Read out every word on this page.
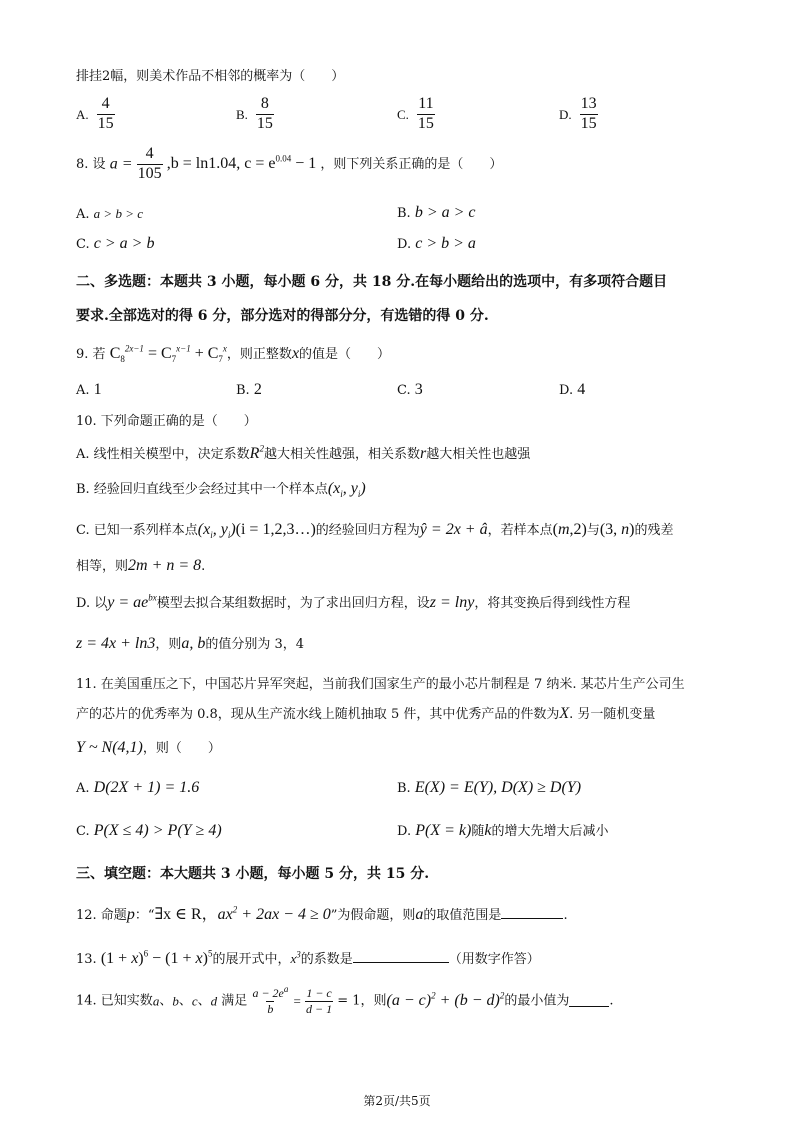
排挂2幅，则美术作品不相邻的概率为（　　）
A. $\frac{4}{15}$	B. $\frac{8}{15}$	C. $\frac{11}{15}$	D. $\frac{13}{15}$
8. 设 $a = \frac{4}{105} ,b = \ln 1.04$, $c = e^{0.04} - 1$ ，则下列关系正确的是（　　）
A. a > b > c	B. b > a > c
C. c > a > b	D. c > b > a
二、多选题：本题共 3 小题，每小题 6 分，共 18 分.在每小题给出的选项中，有多项符合题目
要求.全部选对的得 6 分，部分选对的得部分分，有选错的得 0 分.
9. 若 $C_8^{2x-1} = C_7^{x-1} + C_7^x$，则正整数x的值是（　　）
A. 1	B. 2	C. 3	D. 4
10. 下列命题正确的是（　　）
A. 线性相关模型中，决定系数$R^2$越大相关性越强，相关系数r越大相关性也越强
B. 经验回归直线至少会经过其中一个样本点($x_i$, $y_i$)
C. 已知一系列样本点($x_i$, $y_i)(i$ = 1,2,3…)的经验回归方程为ŷ = 2x + â，若样本点(m,2)与(3, n)的残差
相等，则2m + n = 8.
D. 以$y = ae^{bx}$模型去拟合某组数据时，为了求出回归方程，设z = lny，将其变换后得到线性方程
z = 4x + ln3，则a, b的值分别为 3，4
11. 在美国重压之下，中国芯片异军突起，当前我们国家生产的最小芯片制程是 7 纳米. 某芯片生产公司生
产的芯片的优秀率为 0.8，现从生产流水线上随机抽取 5 件，其中优秀产品的件数为X. 另一随机变量
Y ~ N(4,1)，则（　　）
A. D(2X + 1) = 1.6	B. E(X) = E(Y), D(X) ≥ D(Y)
C. P(X ≤ 4) > P(Y ≥ 4)	D. P(X = k)随k的增大先增大后减小
三、填空题：本大题共 3 小题，每小题 5 分，共 15 分.
12. 命题p：“∃x ∈ R，$ax^2 + 2ax - 4 \ge 0$”为假命题，则a的取值范围是	.
13. $(1 + x)^6 - (1 + x)^5$的展开式中，$x^3$的系数是	（用数字作答）
14. 已知实数a、b、c、d 满足 $\frac{a - 2e^a}{b} = \frac{1 - c}{d - 1} = 1$，则$(a - c)^2 + (b - d)^2$的最小值为	.
第2页/共5页
